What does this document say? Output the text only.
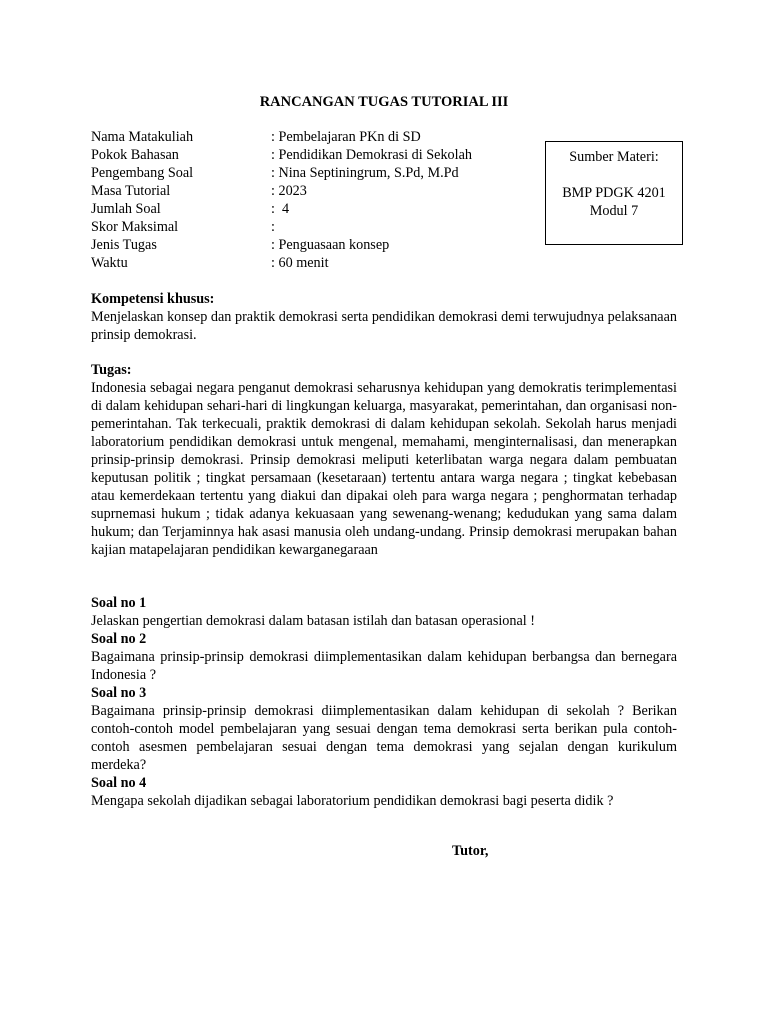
RANCANGAN TUGAS TUTORIAL III
Nama Matakuliah	: Pembelajaran PKn di SD
Pokok Bahasan	: Pendidikan Demokrasi di Sekolah
Pengembang Soal	: Nina Septiningrum, S.Pd, M.Pd
Masa Tutorial	: 2023
Jumlah Soal	:  4
Skor Maksimal	:
Jenis Tugas	: Penguasaan konsep
Waktu	: 60 menit
Sumber Materi:
BMP PDGK 4201
Modul 7
Kompetensi khusus:
Menjelaskan konsep dan praktik demokrasi serta pendidikan demokrasi demi terwujudnya pelaksanaan prinsip demokrasi.
Tugas:
Indonesia sebagai negara penganut demokrasi seharusnya kehidupan yang demokratis terimplementasi di dalam kehidupan sehari-hari di lingkungan keluarga, masyarakat, pemerintahan, dan organisasi non-pemerintahan. Tak terkecuali, praktik demokrasi di dalam kehidupan sekolah. Sekolah harus menjadi laboratorium pendidikan demokrasi untuk mengenal, memahami, menginternalisasi, dan menerapkan prinsip-prinsip demokrasi. Prinsip demokrasi meliputi keterlibatan warga negara dalam pembuatan keputusan politik ; tingkat persamaan (kesetaraan) tertentu antara warga negara ; tingkat kebebasan atau kemerdekaan tertentu yang diakui dan dipakai oleh para warga negara ; penghormatan terhadap suprnemasi hukum ; tidak adanya kekuasaan yang sewenang-wenang; kedudukan yang sama dalam hukum; dan Terjaminnya hak asasi manusia oleh undang-undang. Prinsip demokrasi merupakan bahan kajian matapelajaran pendidikan kewarganegaraan
Soal no 1
Jelaskan pengertian demokrasi dalam batasan istilah dan batasan operasional !
Soal no 2
Bagaimana prinsip-prinsip demokrasi diimplementasikan dalam kehidupan berbangsa dan bernegara Indonesia ?
Soal no 3
Bagaimana prinsip-prinsip demokrasi diimplementasikan dalam kehidupan di sekolah ? Berikan contoh-contoh model pembelajaran yang sesuai dengan tema demokrasi serta berikan pula contoh-contoh asesmen pembelajaran sesuai dengan tema demokrasi yang sejalan dengan kurikulum merdeka?
Soal no 4
Mengapa sekolah dijadikan sebagai laboratorium pendidikan demokrasi bagi peserta didik ?
Tutor,
